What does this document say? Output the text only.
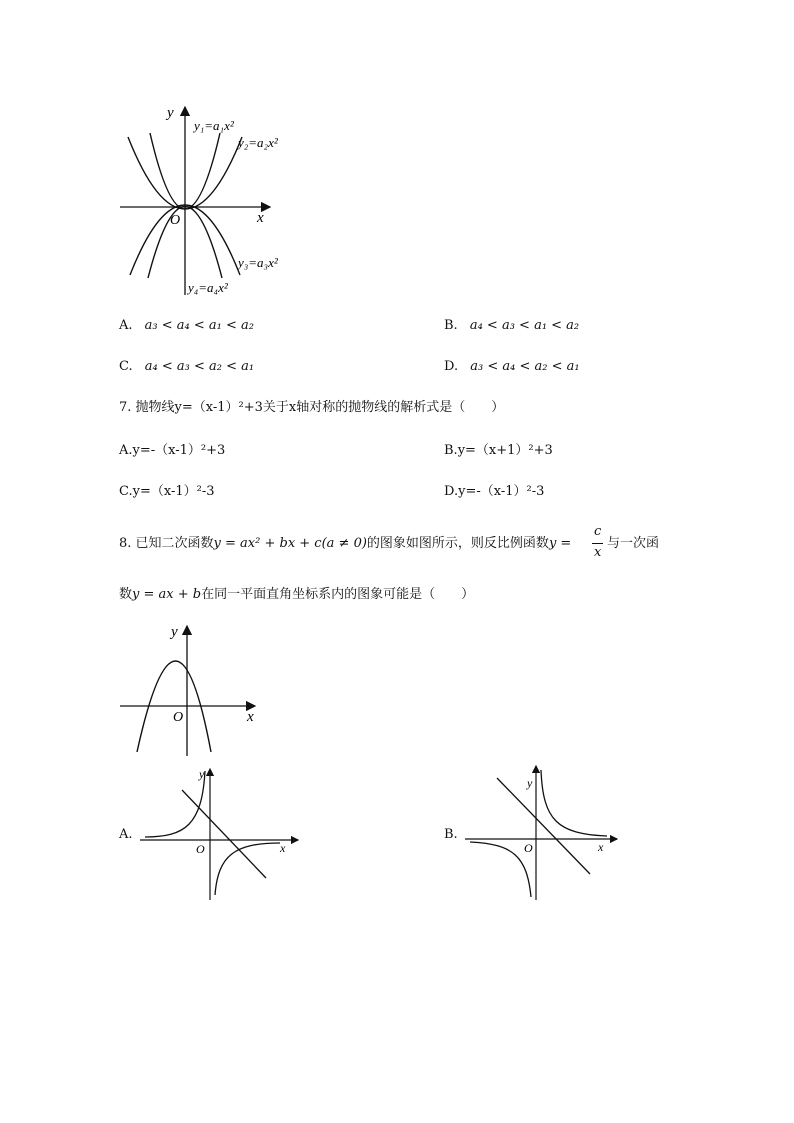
y
x
O
y₁=a₁x²
y₂=a₂x²
y₃=a₃x²
y₄=a₄x²
A. a₃ < a₄ < a₁ < a₂	B. a₄ < a₃ < a₁ < a₂
C. a₄ < a₃ < a₂ < a₁	D. a₃ < a₄ < a₂ < a₁
7. 抛物线y=（x-1）²+3关于x轴对称的抛物线的解析式是（　　）
A.y=-（x-1）²+3	B.y=（x+1）²+3
C.y=（x-1）²-3	D.y=-（x-1）²-3
8. 已知二次函数y = ax² + bx + c(a ≠ 0)的图象如图所示，则反比例函数y =
c
x
与一次函
数y = ax + b在同一平面直角坐标系内的图象可能是（　　）
y
x
O
A.
y
x
O
B.
y
x
O
